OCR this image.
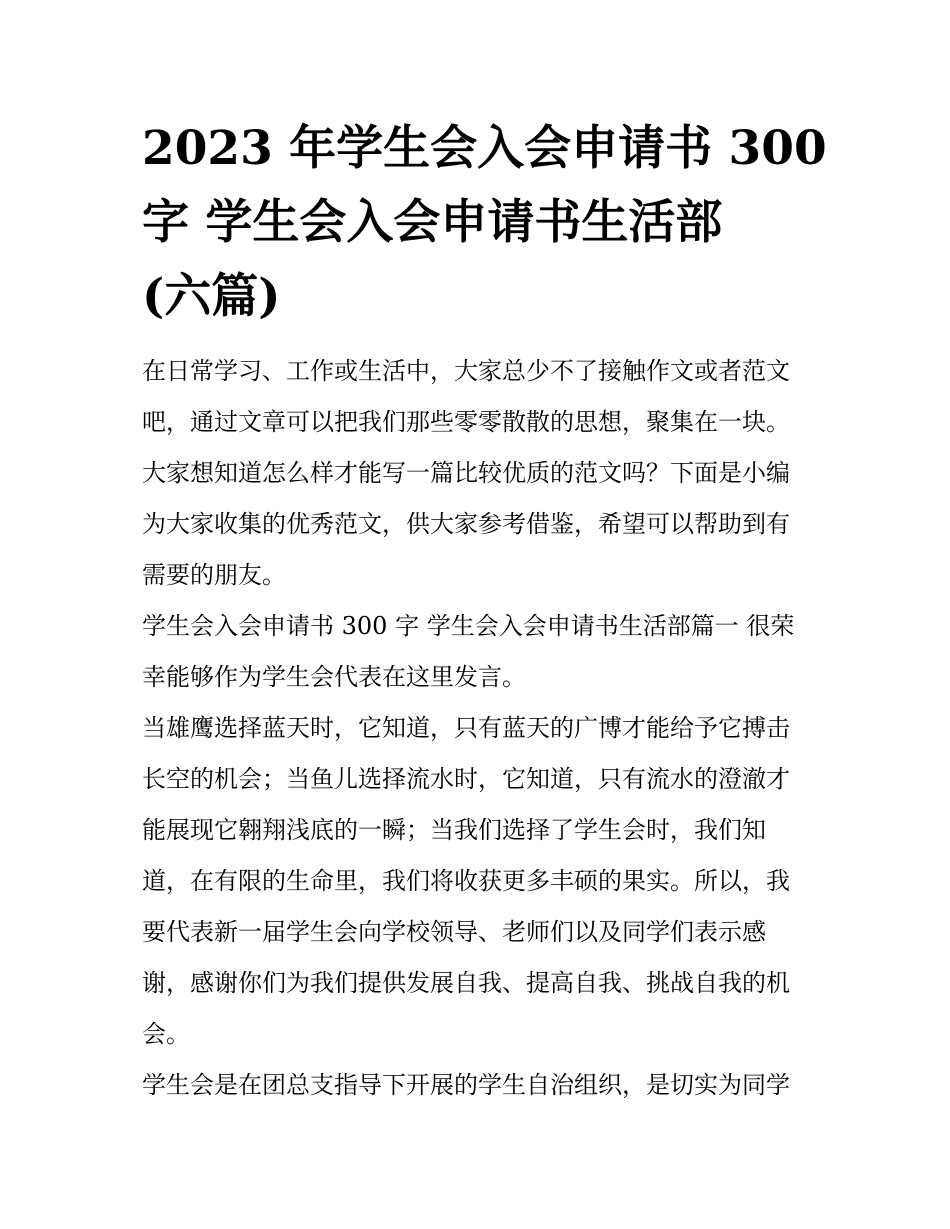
2023 年学生会入会申请书 300
字 学生会入会申请书生活部
(六篇)

在日常学习、工作或生活中，大家总少不了接触作文或者范文
吧，通过文章可以把我们那些零零散散的思想，聚集在一块。
大家想知道怎么样才能写一篇比较优质的范文吗？下面是小编
为大家收集的优秀范文，供大家参考借鉴，希望可以帮助到有
需要的朋友。

学生会入会申请书 300 字 学生会入会申请书生活部篇一 很荣
幸能够作为学生会代表在这里发言。

当雄鹰选择蓝天时，它知道，只有蓝天的广博才能给予它搏击
长空的机会；当鱼儿选择流水时，它知道，只有流水的澄澈才
能展现它翱翔浅底的一瞬；当我们选择了学生会时，我们知
道，在有限的生命里，我们将收获更多丰硕的果实。所以，我
要代表新一届学生会向学校领导、老师们以及同学们表示感
谢，感谢你们为我们提供发展自我、提高自我、挑战自我的机
会。

学生会是在团总支指导下开展的学生自治组织，是切实为同学
